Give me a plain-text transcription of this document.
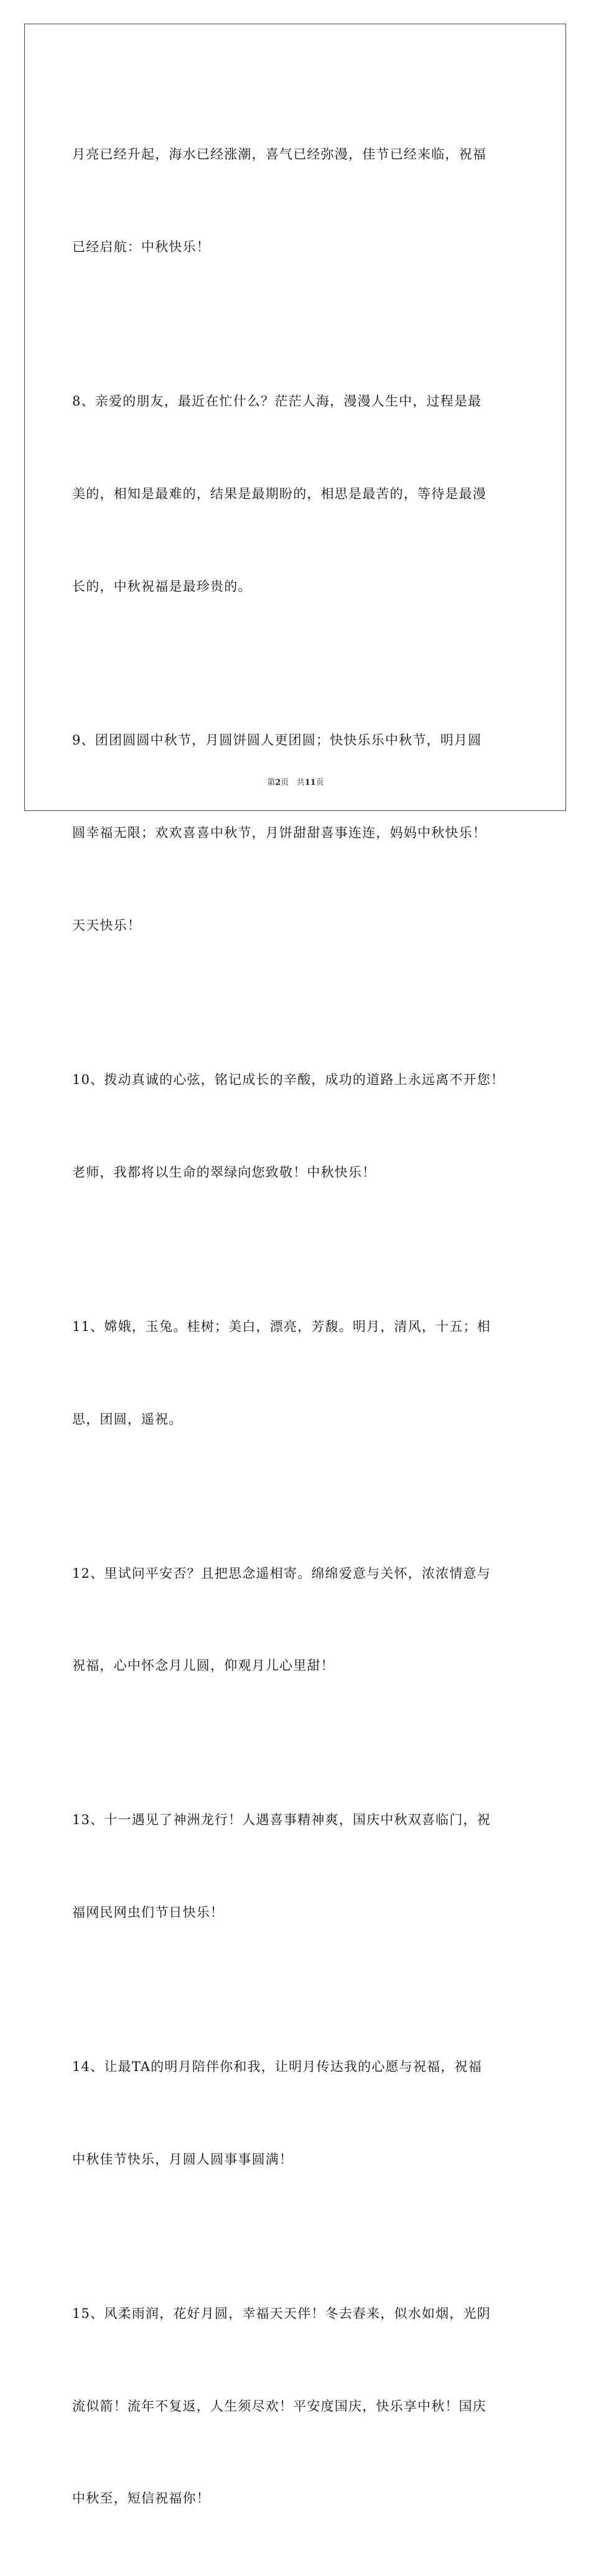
月亮已经升起，海水已经涨潮，喜气已经弥漫，佳节已经来临，祝福

已经启航：中秋快乐！

8、亲爱的朋友，最近在忙什么？茫茫人海，漫漫人生中，过程是最

美的，相知是最难的，结果是最期盼的，相思是最苦的，等待是最漫

长的，中秋祝福是最珍贵的。

9、团团圆圆中秋节，月圆饼圆人更团圆；快快乐乐中秋节，明月圆

圆幸福无限；欢欢喜喜中秋节，月饼甜甜喜事连连，妈妈中秋快乐！

天天快乐！

10、拨动真诚的心弦，铭记成长的辛酸，成功的道路上永远离不开您！

老师，我都将以生命的翠绿向您致敬！中秋快乐！

11、嫦娥，玉兔。桂树；美白，漂亮，芳馥。明月，清风，十五；相

思，团圆，遥祝。

12、里试问平安否？且把思念遥相寄。绵绵爱意与关怀，浓浓情意与

祝福，心中怀念月儿圆，仰观月儿心里甜！

13、十一遇见了神洲龙行！人遇喜事精神爽，国庆中秋双喜临门，祝

福网民网虫们节日快乐！

14、让最TA的明月陪伴你和我，让明月传达我的心愿与祝福，祝福

中秋佳节快乐，月圆人圆事事圆满！

15、风柔雨润，花好月圆，幸福天天伴！冬去春来，似水如烟，光阴

流似箭！流年不复返，人生须尽欢！平安度国庆，快乐享中秋！国庆

中秋至，短信祝福你！

第2页 共11页
